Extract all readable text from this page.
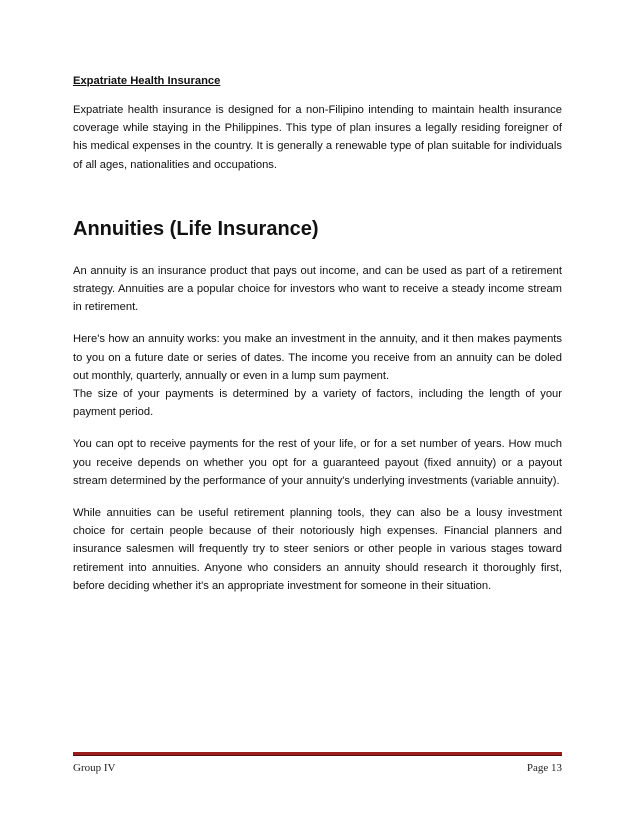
Expatriate Health Insurance

Expatriate health insurance is designed for a non-Filipino intending to maintain health insurance coverage while staying in the Philippines. This type of plan insures a legally residing foreigner of his medical expenses in the country. It is generally a renewable type of plan suitable for individuals of all ages, nationalities and occupations.

Annuities (Life Insurance)

An annuity is an insurance product that pays out income, and can be used as part of a retirement strategy. Annuities are a popular choice for investors who want to receive a steady income stream in retirement.

Here's how an annuity works: you make an investment in the annuity, and it then makes payments to you on a future date or series of dates. The income you receive from an annuity can be doled out monthly, quarterly, annually or even in a lump sum payment.

The size of your payments is determined by a variety of factors, including the length of your payment period.

You can opt to receive payments for the rest of your life, or for a set number of years. How much you receive depends on whether you opt for a guaranteed payout (fixed annuity) or a payout stream determined by the performance of your annuity's underlying investments (variable annuity).

While annuities can be useful retirement planning tools, they can also be a lousy investment choice for certain people because of their notoriously high expenses. Financial planners and insurance salesmen will frequently try to steer seniors or other people in various stages toward retirement into annuities. Anyone who considers an annuity should research it thoroughly first, before deciding whether it's an appropriate investment for someone in their situation.

Group IV	Page 13
